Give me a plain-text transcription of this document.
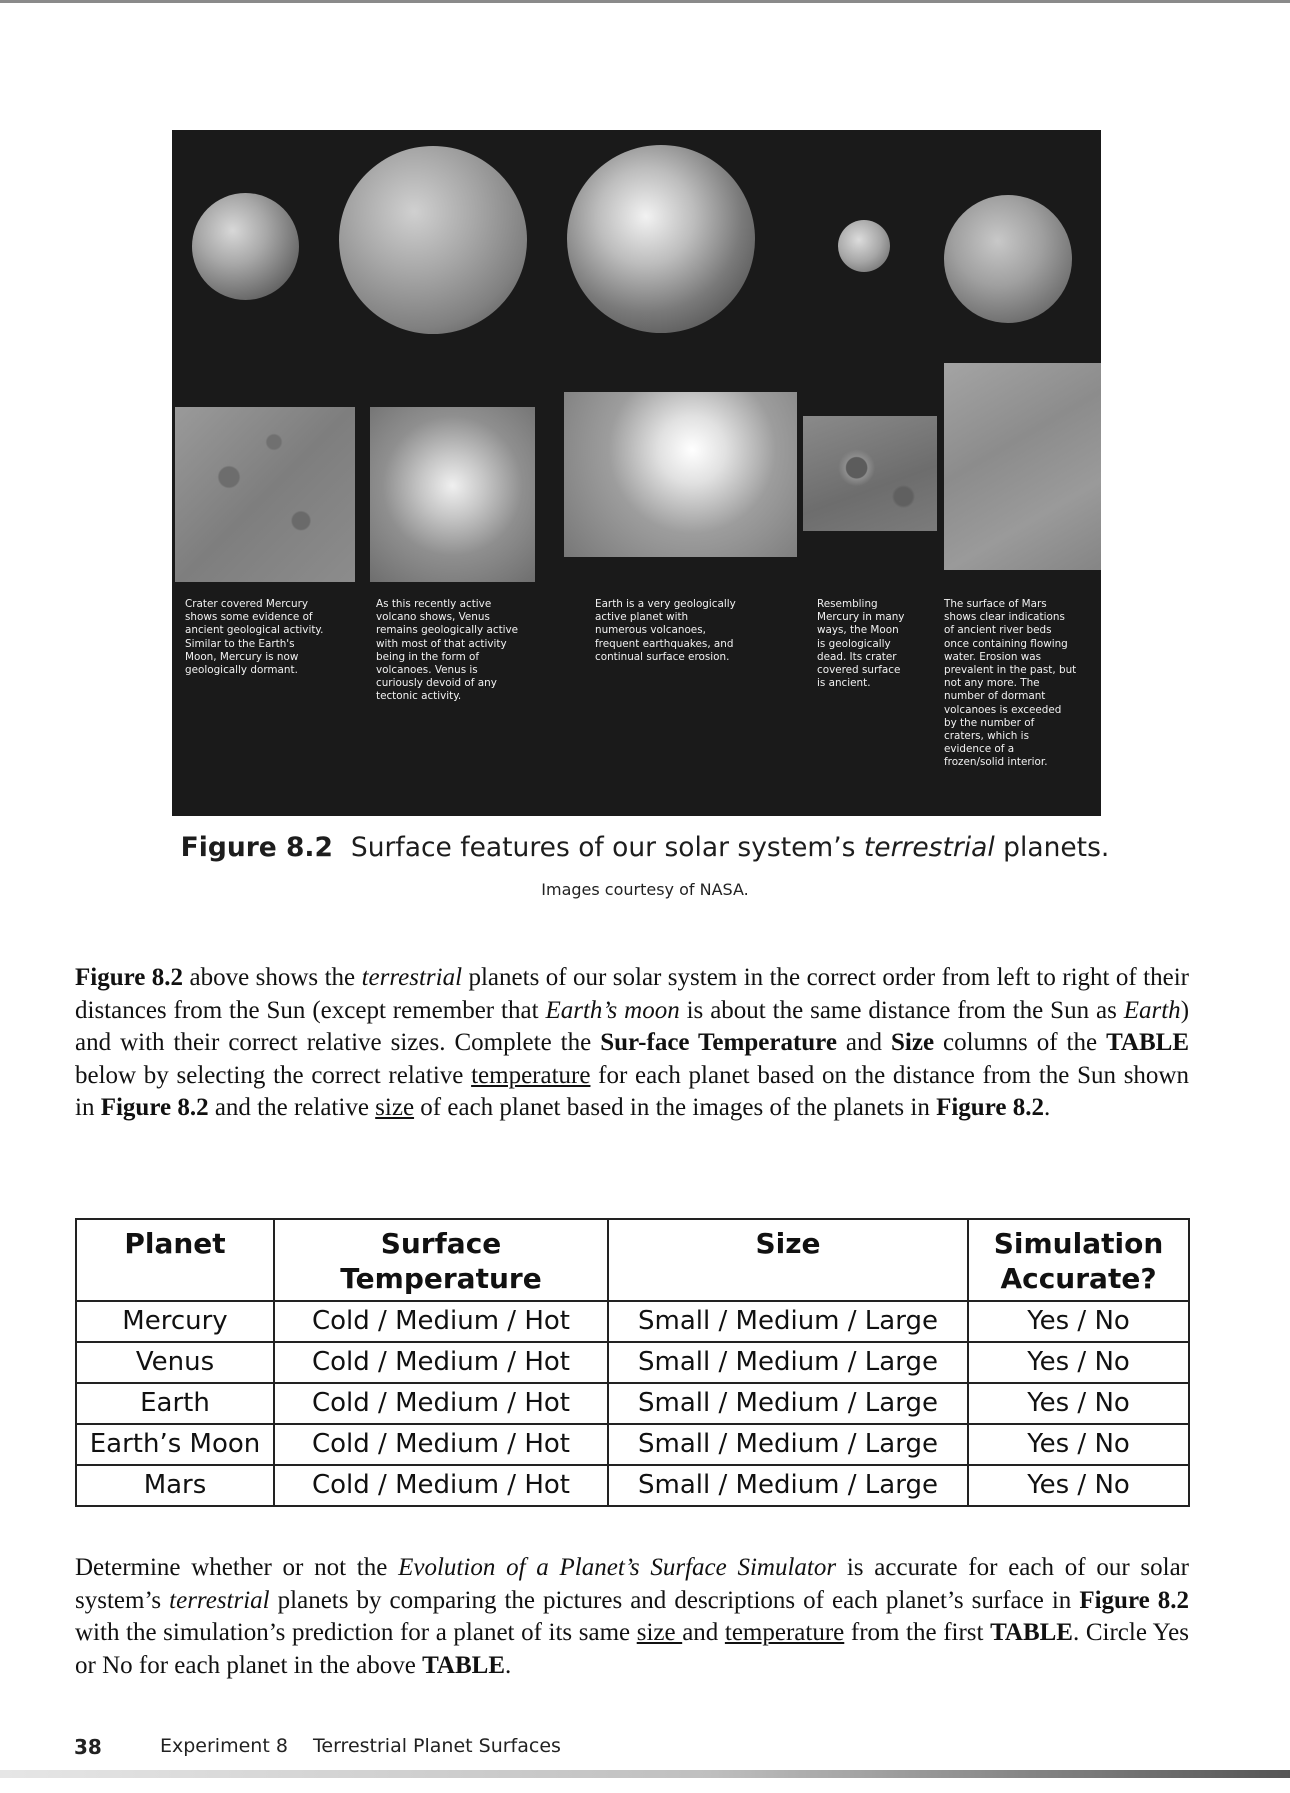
Crater covered Mercury
shows some evidence of
ancient geological activity.
Similar to the Earth's
Moon, Mercury is now
geologically dormant.
As this recently active
volcano shows, Venus
remains geologically active
with most of that activity
being in the form of
volcanoes. Venus is
curiously devoid of any
tectonic activity.
Earth is a very geologically
active planet with
numerous volcanoes,
frequent earthquakes, and
continual surface erosion.
Resembling
Mercury in many
ways, the Moon
is geologically
dead. Its crater
covered surface
is ancient.
The surface of Mars
shows clear indications
of ancient river beds
once containing flowing
water. Erosion was
prevalent in the past, but
not any more. The
number of dormant
volcanoes is exceeded
by the number of
craters, which is
evidence of a
frozen/solid interior.
Figure 8.2 Surface features of our solar system’s terrestrial planets.
Images courtesy of NASA.
Figure 8.2 above shows the terrestrial planets of our solar system in the correct order from left to right of their distances from the Sun (except remember that Earth’s moon is about the same distance from the Sun as Earth) and with their correct relative sizes. Complete the Sur-face Temperature and Size columns of the TABLE below by selecting the correct relative temperature for each planet based on the distance from the Sun shown in Figure 8.2 and the relative size of each planet based in the images of the planets in Figure 8.2.
Planet	Surface Temperature	Size	Simulation Accurate?
Mercury	Cold / Medium / Hot	Small / Medium / Large	Yes / No
Venus	Cold / Medium / Hot	Small / Medium / Large	Yes / No
Earth	Cold / Medium / Hot	Small / Medium / Large	Yes / No
Earth’s Moon	Cold / Medium / Hot	Small / Medium / Large	Yes / No
Mars	Cold / Medium / Hot	Small / Medium / Large	Yes / No
Determine whether or not the Evolution of a Planet’s Surface Simulator is accurate for each of our solar system’s terrestrial planets by comparing the pictures and descriptions of each planet’s surface in Figure 8.2 with the simulation’s prediction for a planet of its same size and temperature from the first TABLE. Circle Yes or No for each planet in the above TABLE.
38	Experiment 8 Terrestrial Planet Surfaces
